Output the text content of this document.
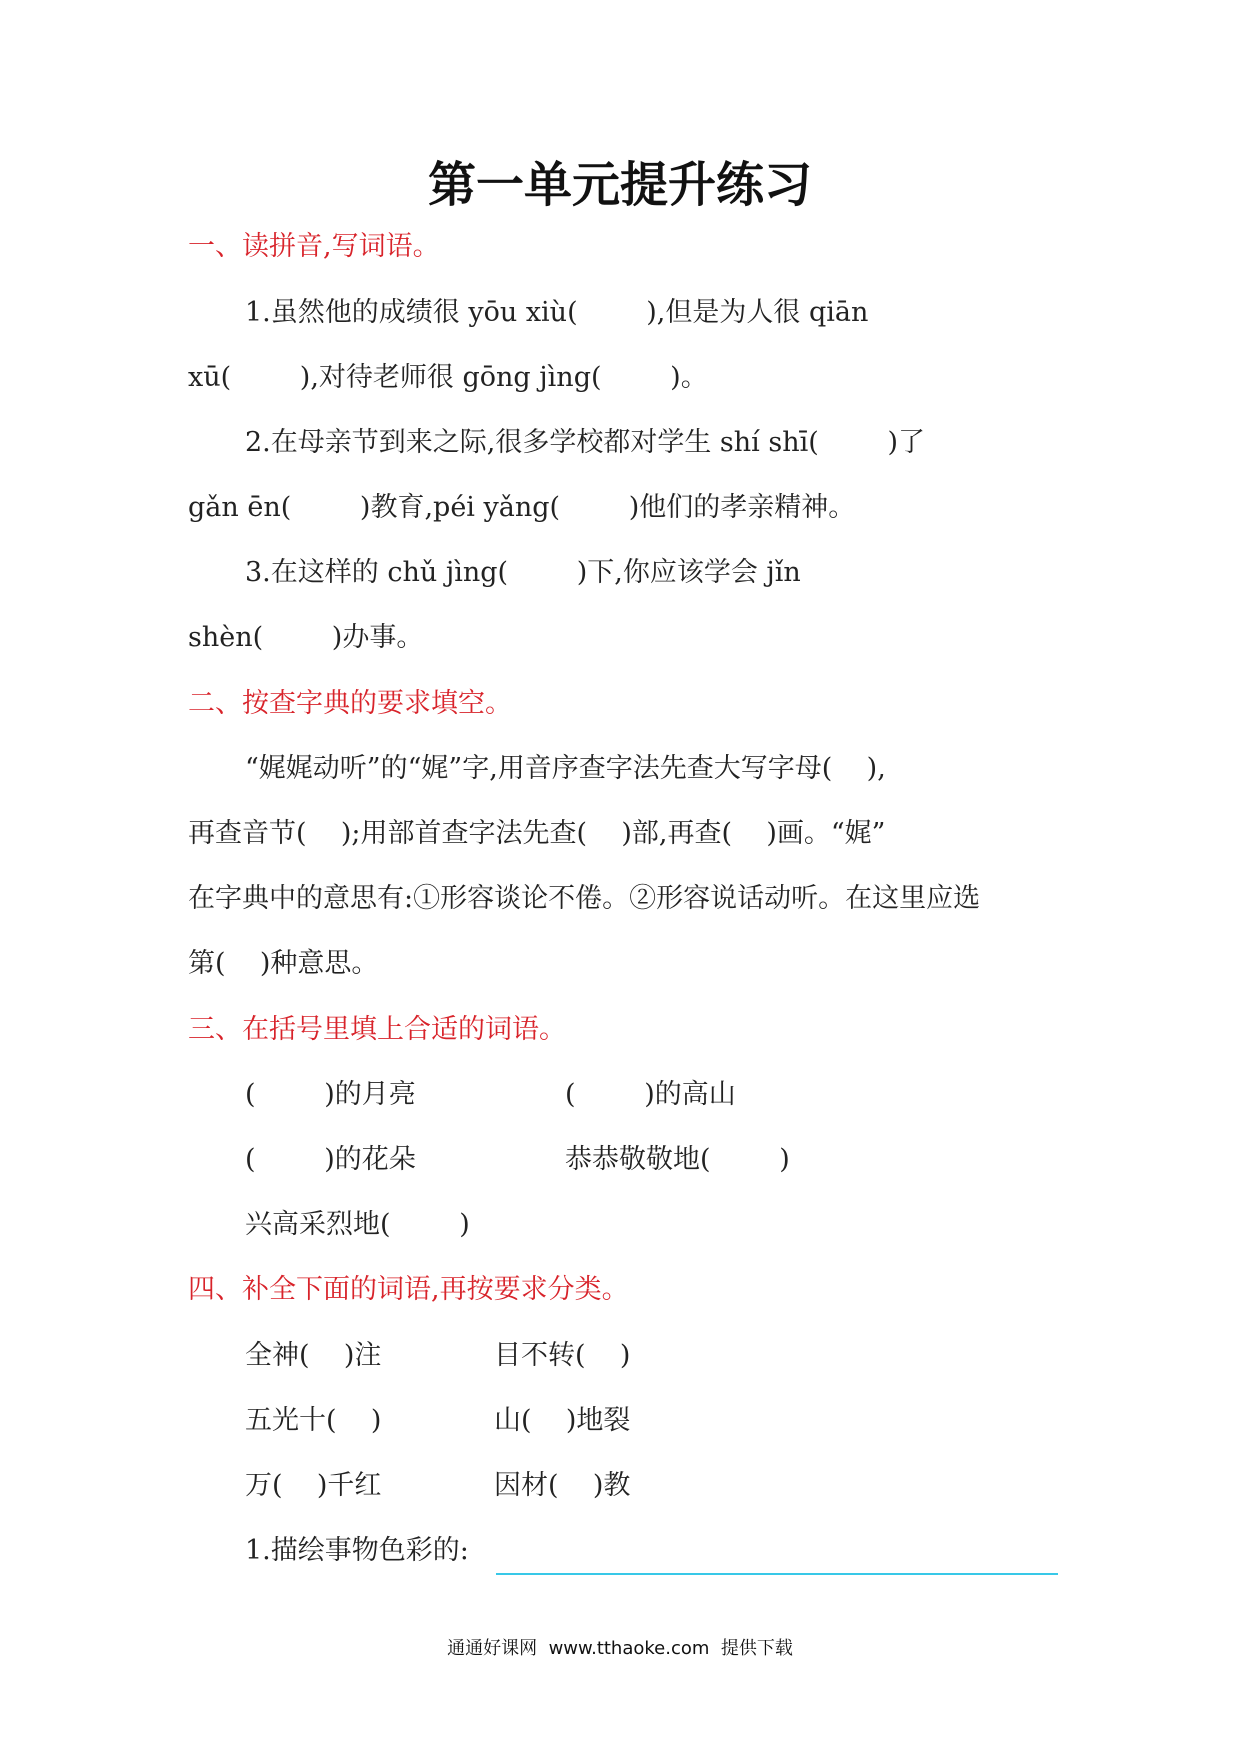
第一单元提升练习
一、读拼音,写词语。
1.虽然他的成绩很 yōu xiù(        ),但是为人很 qiān
xū(        ),对待老师很 gōng jìng(        )。
2.在母亲节到来之际,很多学校都对学生 shí shī(        )了
gǎn ēn(        )教育,péi yǎng(        )他们的孝亲精神。
3.在这样的 chǔ jìng(        )下,你应该学会 jǐn
shèn(        )办事。
二、按查字典的要求填空。
“娓娓动听”的“娓”字,用音序查字法先查大写字母(    ),
再查音节(    );用部首查字法先查(    )部,再查(    )画。“娓”
在字典中的意思有:①形容谈论不倦。②形容说话动听。在这里应选
第(    )种意思。
三、在括号里填上合适的词语。
(        )的月亮	(        )的高山
(        )的花朵	恭恭敬敬地(        )
兴高采烈地(        )
四、补全下面的词语,再按要求分类。
全神(    )注	目不转(    )
五光十(    )	山(    )地裂
万(    )千红	因材(    )教
1.描绘事物色彩的:
通通好课网  www.tthaoke.com  提供下载
